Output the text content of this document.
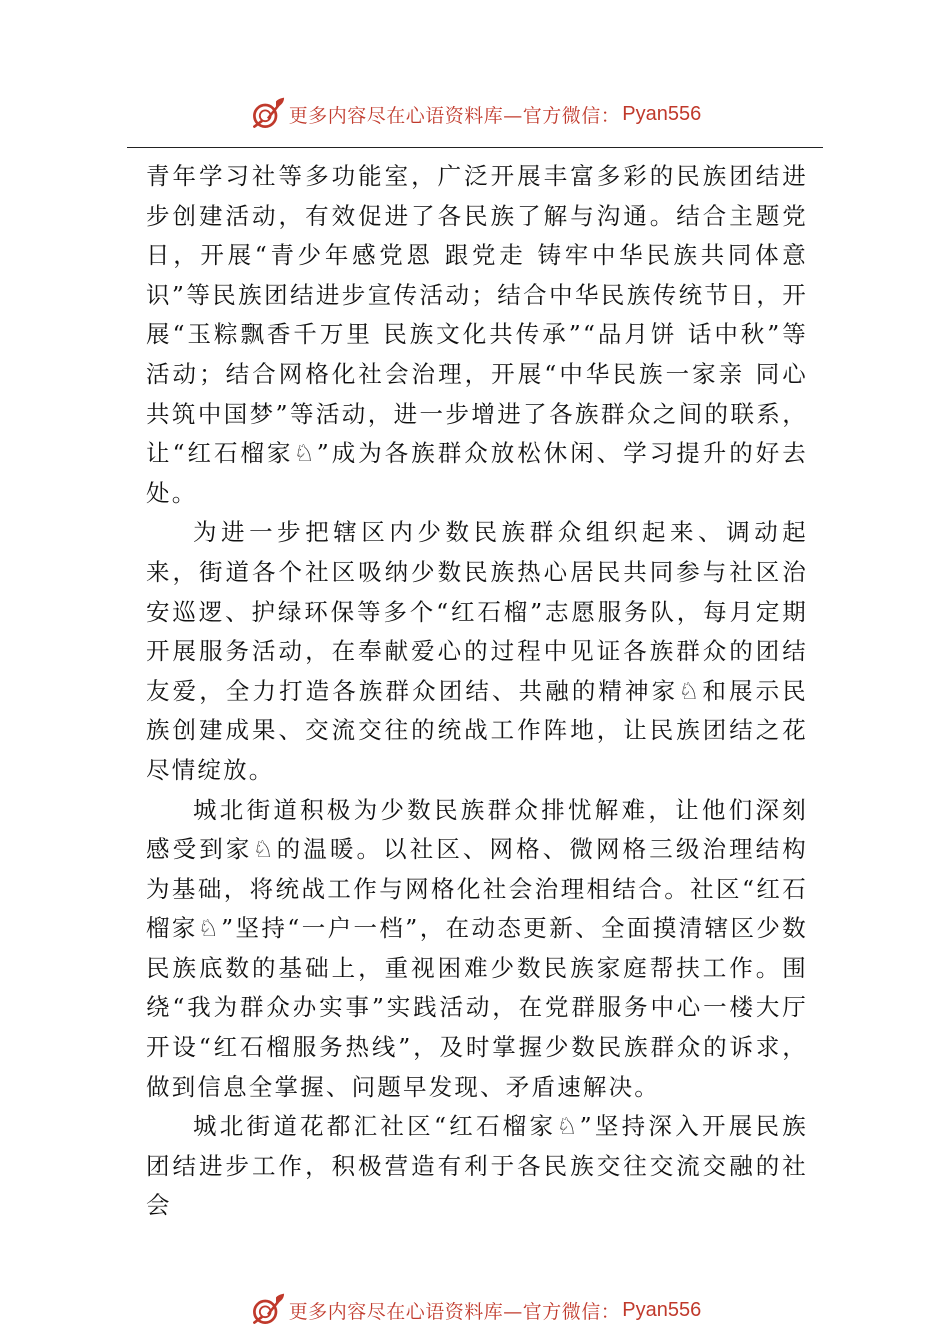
更多内容尽在心语资料库—官方微信： Pyan556

青年学习社等多功能室，广泛开展丰富多彩的民族团结进步创建活动，有效促进了各民族了解与沟通。结合主题党日，开展“青少年感党恩 跟党走 铸牢中华民族共同体意识”等民族团结进步宣传活动；结合中华民族传统节日，开展“玉粽飘香千万里 民族文化共传承”“品月饼 话中秋”等活动；结合网格化社会治理，开展“中华民族一家亲 同心共筑中国梦”等活动，进一步增进了各族群众之间的联系，让“红石榴家♘”成为各族群众放松休闲、学习提升的好去处。

为进一步把辖区内少数民族群众组织起来、调动起来，街道各个社区吸纳少数民族热心居民共同参与社区治安巡逻、护绿环保等多个“红石榴”志愿服务队，每月定期开展服务活动，在奉献爱心的过程中见证各族群众的团结友爱，全力打造各族群众团结、共融的精神家♘和展示民族创建成果、交流交往的统战工作阵地，让民族团结之花尽情绽放。

城北街道积极为少数民族群众排忧解难，让他们深刻感受到家♘的温暖。以社区、网格、微网格三级治理结构为基础，将统战工作与网格化社会治理相结合。社区“红石榴家♘”坚持“一户一档”，在动态更新、全面摸清辖区少数民族底数的基础上，重视困难少数民族家庭帮扶工作。围绕“我为群众办实事”实践活动，在党群服务中心一楼大厅开设“红石榴服务热线”，及时掌握少数民族群众的诉求，做到信息全掌握、问题早发现、矛盾速解决。

城北街道花都汇社区“红石榴家♘”坚持深入开展民族团结进步工作，积极营造有利于各民族交往交流交融的社会

更多内容尽在心语资料库—官方微信： Pyan556
